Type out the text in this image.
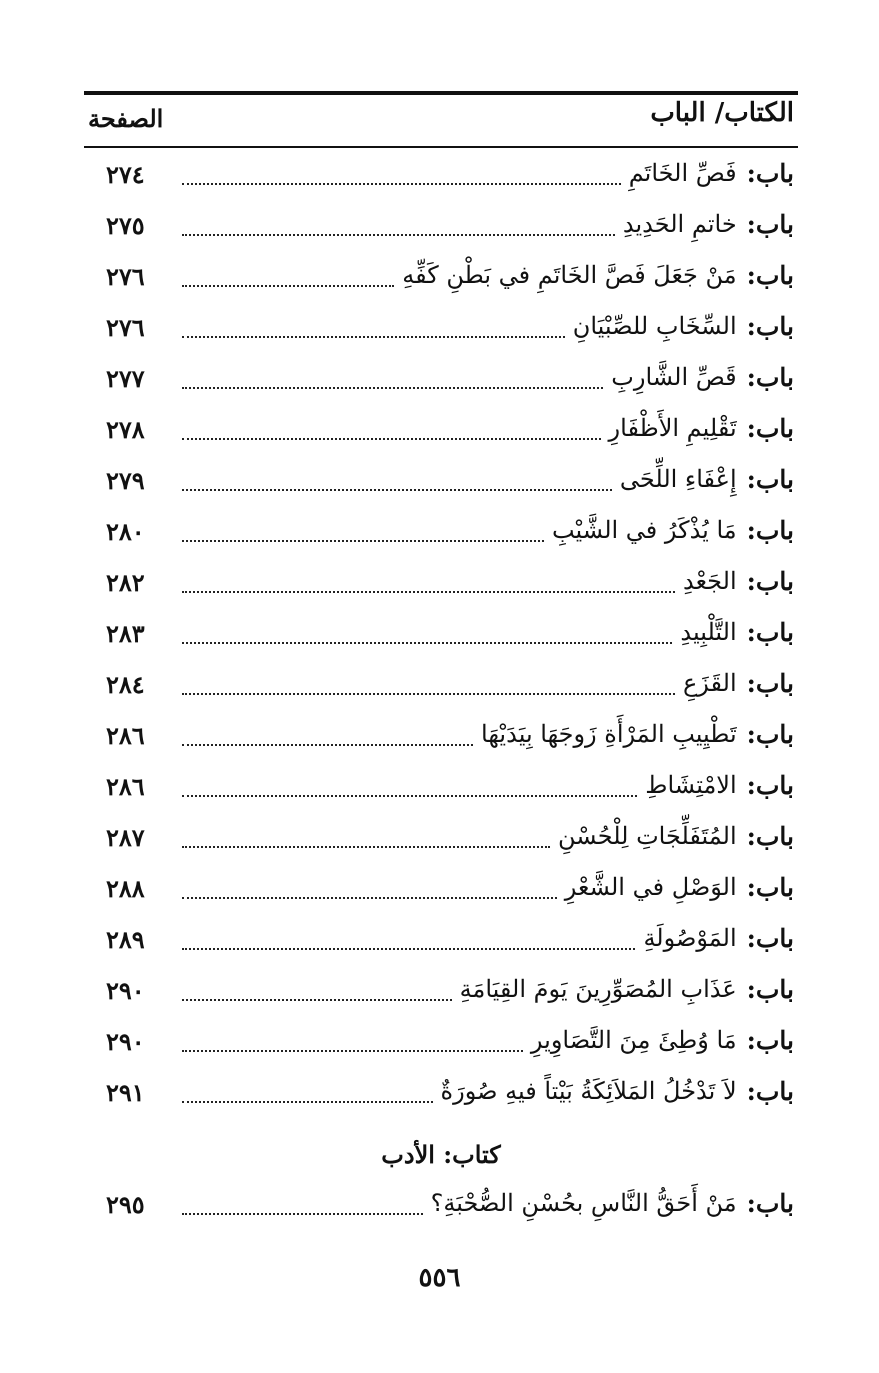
الكتاب/ الباب
الصفحة
باب:
فَصِّ الخَاتَمِ
٢٧٤
باب:
خاتمِ الحَدِيدِ
٢٧٥
باب:
مَنْ جَعَلَ فَصَّ الخَاتَمِ في بَطْنِ كَفِّهِ
٢٧٦
باب:
السِّخَابِ للصِّبْيَانِ
٢٧٦
باب:
قَصِّ الشَّارِبِ
٢٧٧
باب:
تَقْلِيمِ الأَظْفَارِ
٢٧٨
باب:
إِعْفَاءِ اللِّحَى
٢٧٩
باب:
مَا يُذْكَرُ في الشَّيْبِ
٢٨٠
باب:
الجَعْدِ
٢٨٢
باب:
التَّلْبِيدِ
٢٨٣
باب:
القَزَعِ
٢٨٤
باب:
تَطْيِيبِ المَرْأَةِ زَوجَهَا بِيَدَيْهَا
٢٨٦
باب:
الامْتِشَاطِ
٢٨٦
باب:
المُتَفَلِّجَاتِ لِلْحُسْنِ
٢٨٧
باب:
الوَصْلِ في الشَّعْرِ
٢٨٨
باب:
المَوْصُولَةِ
٢٨٩
باب:
عَذَابِ المُصَوِّرِينَ يَومَ القِيَامَةِ
٢٩٠
باب:
مَا وُطِئَ مِنَ التَّصَاوِيرِ
٢٩٠
باب:
لاَ تَدْخُلُ المَلاَئِكَةُ بَيْتاً فيهِ صُورَةٌ
٢٩١
كتاب: الأدب
باب:
مَنْ أَحَقُّ النَّاسِ بحُسْنِ الصُّحْبَةِ؟
٢٩٥
٥٥٦
